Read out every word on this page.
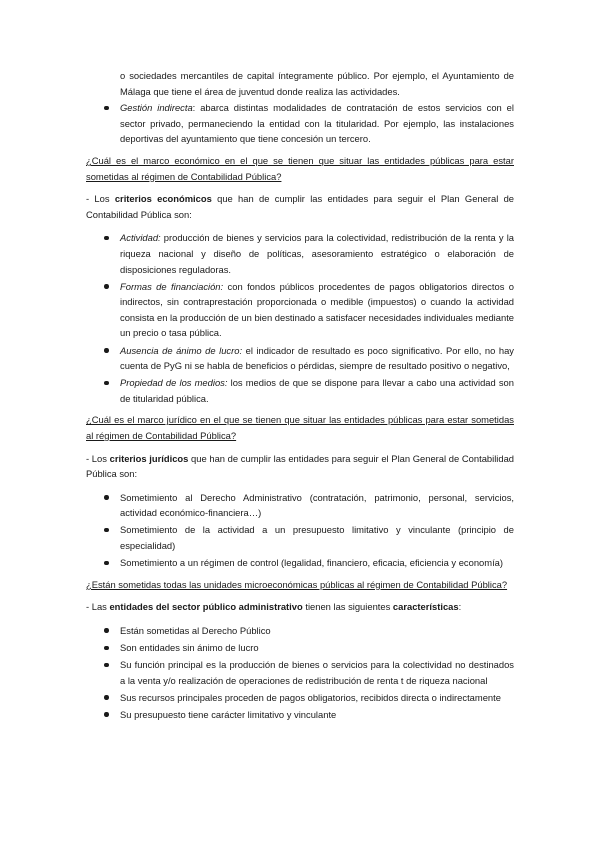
o sociedades mercantiles de capital íntegramente público. Por ejemplo, el Ayuntamiento de Málaga que tiene el área de juventud donde realiza las actividades.

Gestión indirecta: abarca distintas modalidades de contratación de estos servicios con el sector privado, permaneciendo la entidad con la titularidad. Por ejemplo, las instalaciones deportivas del ayuntamiento que tiene concesión un tercero.

¿Cuál es el marco económico en el que se tienen que situar las entidades públicas para estar sometidas al régimen de Contabilidad Pública?

- Los criterios económicos que han de cumplir las entidades para seguir el Plan General de Contabilidad Pública son:

Actividad: producción de bienes y servicios para la colectividad, redistribución de la renta y la riqueza nacional y diseño de políticas, asesoramiento estratégico o elaboración de disposiciones reguladoras.
Formas de financiación: con fondos públicos procedentes de pagos obligatorios directos o indirectos, sin contraprestación proporcionada o medible (impuestos) o cuando la actividad consista en la producción de un bien destinado a satisfacer necesidades individuales mediante un precio o tasa pública.
Ausencia de ánimo de lucro: el indicador de resultado es poco significativo. Por ello, no hay cuenta de PyG ni se habla de beneficios o pérdidas, siempre de resultado positivo o negativo,
Propiedad de los medios: los medios de que se dispone para llevar a cabo una actividad son de titularidad pública.

¿Cuál es el marco jurídico en el que se tienen que situar las entidades públicas para estar sometidas al régimen de Contabilidad Pública?

- Los criterios jurídicos que han de cumplir las entidades para seguir el Plan General de Contabilidad Pública son:

Sometimiento al Derecho Administrativo (contratación, patrimonio, personal, servicios, actividad económico-financiera…)
Sometimiento de la actividad a un presupuesto limitativo y vinculante (principio de especialidad)
Sometimiento a un régimen de control (legalidad, financiero, eficacia, eficiencia y economía)

¿Están sometidas todas las unidades microeconómicas públicas al régimen de Contabilidad Pública?

- Las entidades del sector público administrativo tienen las siguientes características:

Están sometidas al Derecho Público
Son entidades sin ánimo de lucro
Su función principal es la producción de bienes o servicios para la colectividad no destinados a la venta y/o realización de operaciones de redistribución de renta t de riqueza nacional
Sus recursos principales proceden de pagos obligatorios, recibidos directa o indirectamente
Su presupuesto tiene carácter limitativo y vinculante
